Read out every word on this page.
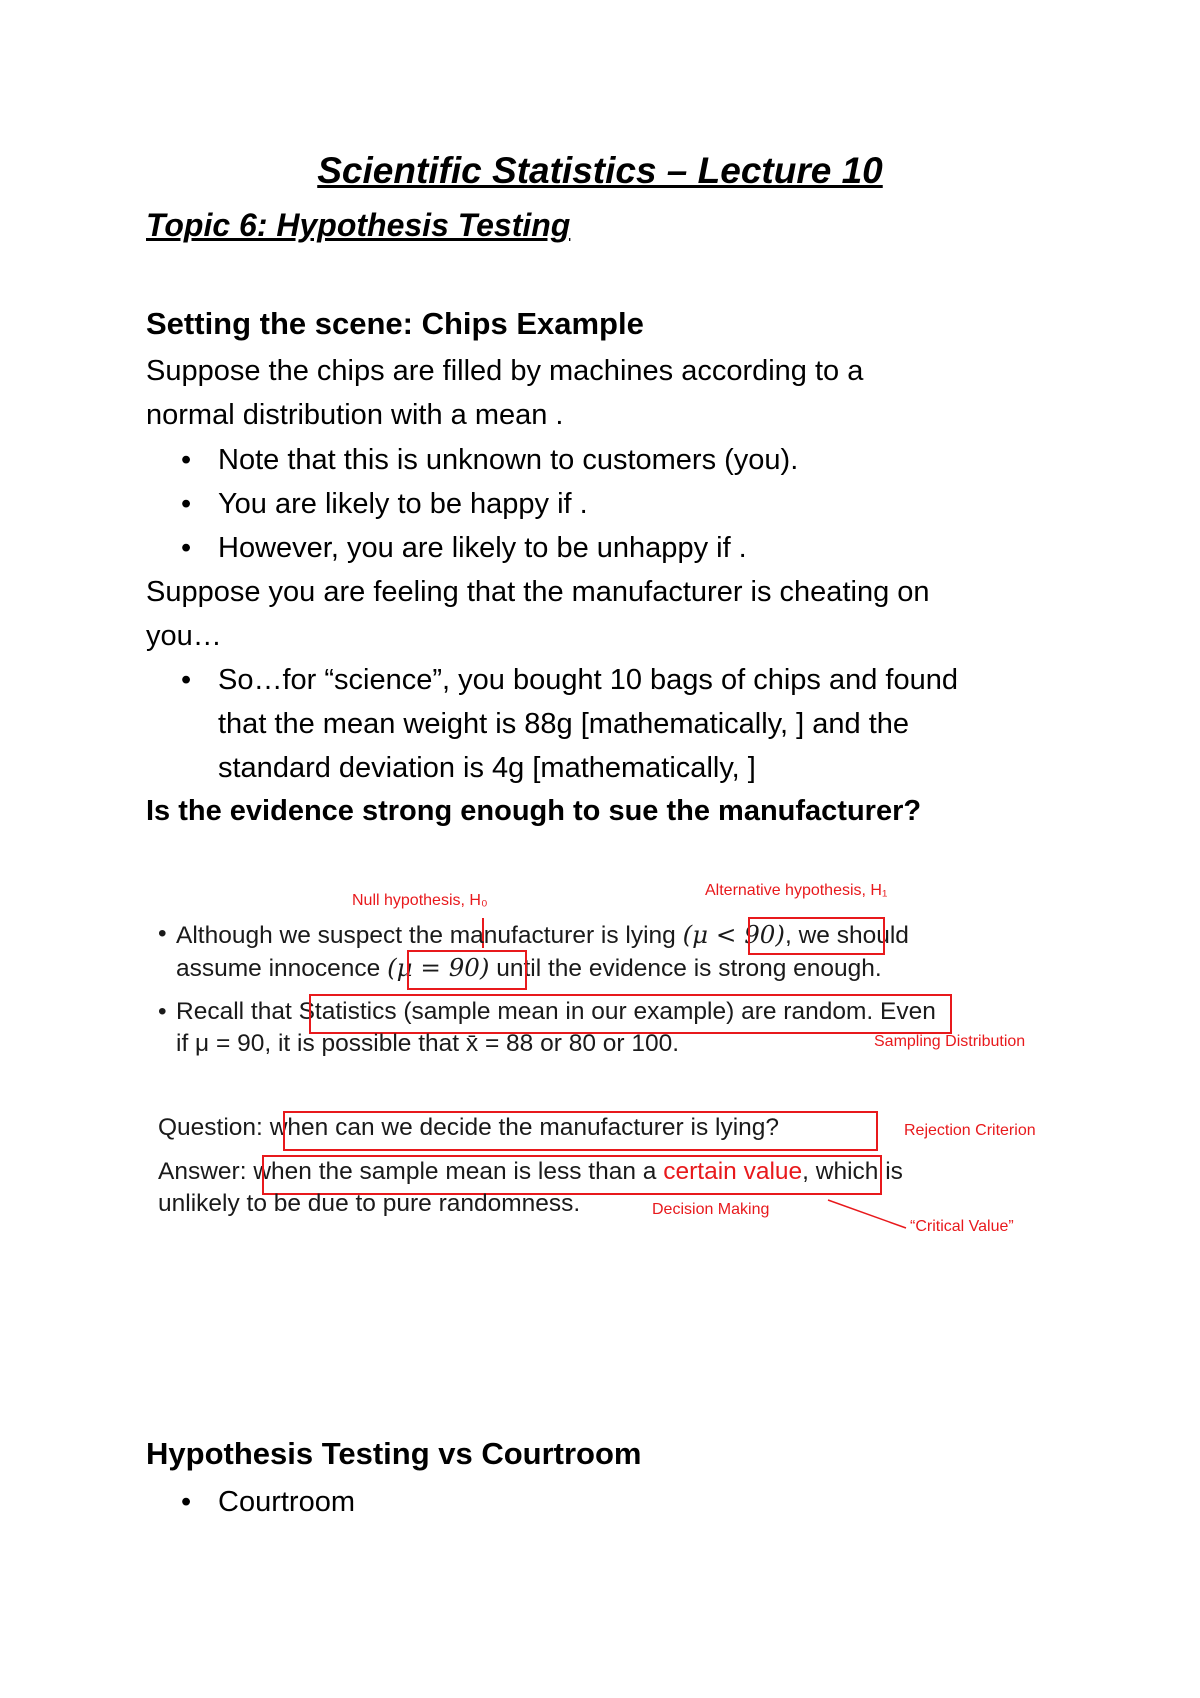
Scientific Statistics – Lecture 10
Topic 6: Hypothesis Testing
Setting the scene: Chips Example
Suppose the chips are filled by machines according to a
normal distribution with a mean .
• Note that this is unknown to customers (you).
• You are likely to be happy if .
• However, you are likely to be unhappy if .
Suppose you are feeling that the manufacturer is cheating on
you…
• So…for “science”, you bought 10 bags of chips and found
that the mean weight is 88g [mathematically, ] and the
standard deviation is 4g [mathematically, ]
Is the evidence strong enough to sue the manufacturer?
Null hypothesis, H₀
Alternative hypothesis, H₁
• Although we suspect the manufacturer is lying (μ < 90), we should
assume innocence (μ = 90) until the evidence is strong enough.
• Recall that Statistics (sample mean in our example) are random. Even
if μ = 90, it is possible that x̄ = 88 or 80 or 100.	Sampling Distribution
Question: when can we decide the manufacturer is lying?	Rejection Criterion
Answer: when the sample mean is less than a certain value, which is
unlikely to be due to pure randomness.	Decision Making
“Critical Value”
Hypothesis Testing vs Courtroom
• Courtroom
